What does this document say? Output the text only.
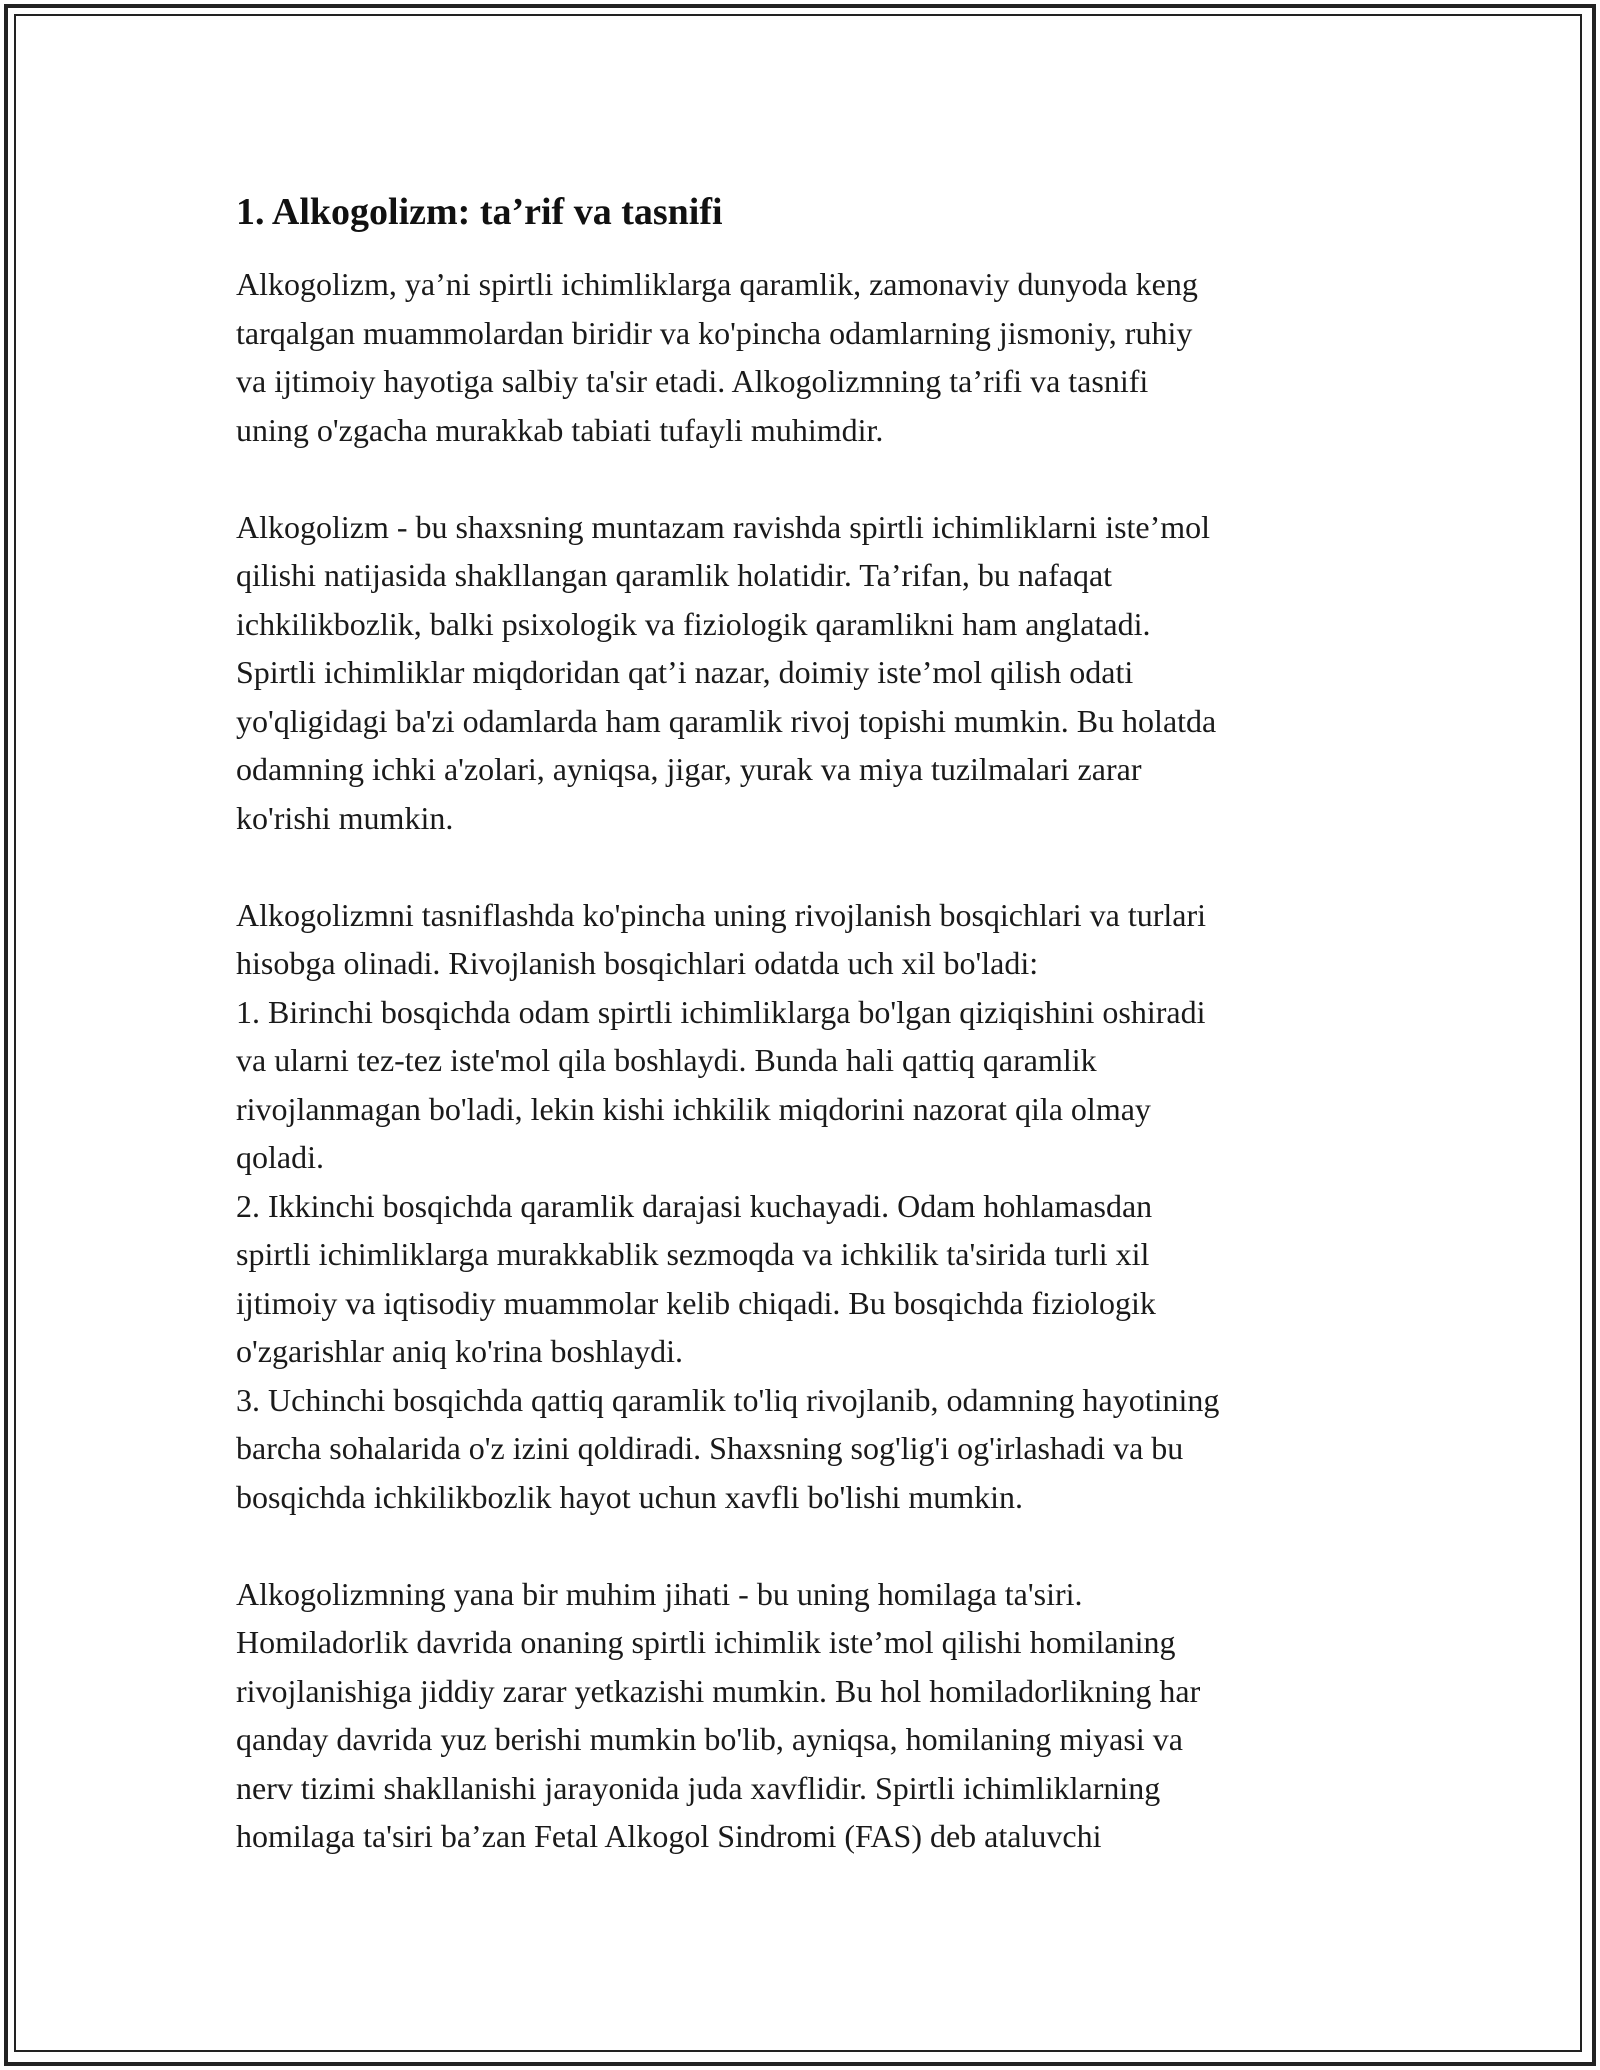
1. Alkogolizm: ta’rif va tasnifi
Alkogolizm, ya’ni spirtli ichimliklarga qaramlik, zamonaviy dunyoda keng
tarqalgan muammolardan biridir va ko'pincha odamlarning jismoniy, ruhiy
va ijtimoiy hayotiga salbiy ta'sir etadi. Alkogolizmning ta’rifi va tasnifi
uning o'zgacha murakkab tabiati tufayli muhimdir.
Alkogolizm - bu shaxsning muntazam ravishda spirtli ichimliklarni iste’mol
qilishi natijasida shakllangan qaramlik holatidir. Ta’rifan, bu nafaqat
ichkilikbozlik, balki psixologik va fiziologik qaramlikni ham anglatadi.
Spirtli ichimliklar miqdoridan qat’i nazar, doimiy iste’mol qilish odati
yo'qligidagi ba'zi odamlarda ham qaramlik rivoj topishi mumkin. Bu holatda
odamning ichki a'zolari, ayniqsa, jigar, yurak va miya tuzilmalari zarar
ko'rishi mumkin.
Alkogolizmni tasniflashda ko'pincha uning rivojlanish bosqichlari va turlari
hisobga olinadi. Rivojlanish bosqichlari odatda uch xil bo'ladi:
1. Birinchi bosqichda odam spirtli ichimliklarga bo'lgan qiziqishini oshiradi
va ularni tez-tez iste'mol qila boshlaydi. Bunda hali qattiq qaramlik
rivojlanmagan bo'ladi, lekin kishi ichkilik miqdorini nazorat qila olmay
qoladi.
2. Ikkinchi bosqichda qaramlik darajasi kuchayadi. Odam hohlamasdan
spirtli ichimliklarga murakkablik sezmoqda va ichkilik ta'sirida turli xil
ijtimoiy va iqtisodiy muammolar kelib chiqadi. Bu bosqichda fiziologik
o'zgarishlar aniq ko'rina boshlaydi.
3. Uchinchi bosqichda qattiq qaramlik to'liq rivojlanib, odamning hayotining
barcha sohalarida o'z izini qoldiradi. Shaxsning sog'lig'i og'irlashadi va bu
bosqichda ichkilikbozlik hayot uchun xavfli bo'lishi mumkin.
Alkogolizmning yana bir muhim jihati - bu uning homilaga ta'siri.
Homiladorlik davrida onaning spirtli ichimlik iste’mol qilishi homilaning
rivojlanishiga jiddiy zarar yetkazishi mumkin. Bu hol homiladorlikning har
qanday davrida yuz berishi mumkin bo'lib, ayniqsa, homilaning miyasi va
nerv tizimi shakllanishi jarayonida juda xavflidir. Spirtli ichimliklarning
homilaga ta'siri ba’zan Fetal Alkogol Sindromi (FAS) deb ataluvchi
